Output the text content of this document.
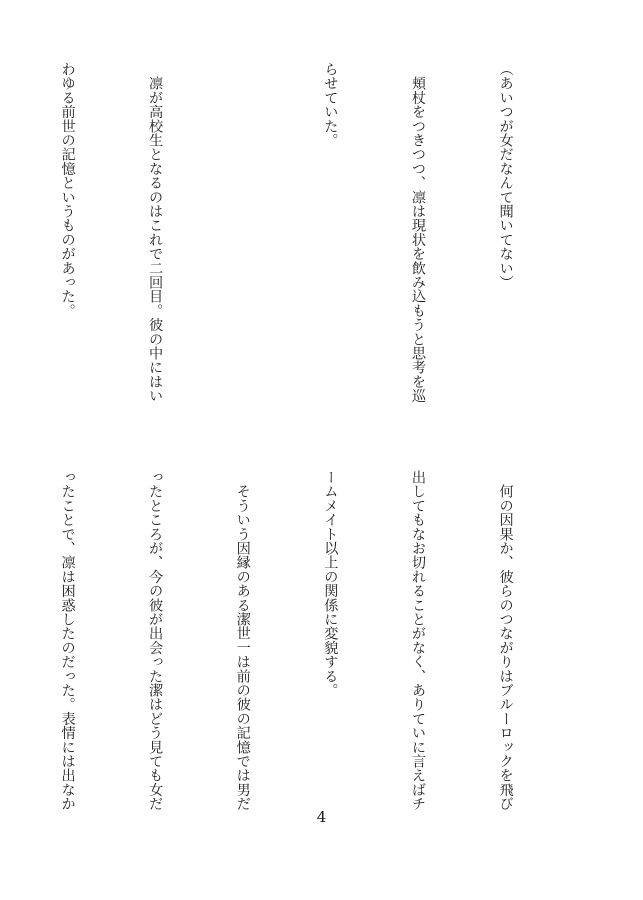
（あいつが女だなんて聞いてない）

　頬杖をつきつつ、凛は現状を飲み込もうと思考を巡

らせていた。

　凛が高校生となるのはこれで二回目。彼の中にはい

わゆる前世の記憶というものがあった。

　何の因果か、彼らのつながりはブルーロックを飛び

出してもなお切れることがなく、ありていに言えばチ

ームメイト以上の関係に変貌する。

　そういう因縁のある潔世一は前の彼の記憶では男だ

ったところが、今の彼が出会った潔はどう見ても女だ

ったことで、凛は困惑したのだった。表情には出なか

4
